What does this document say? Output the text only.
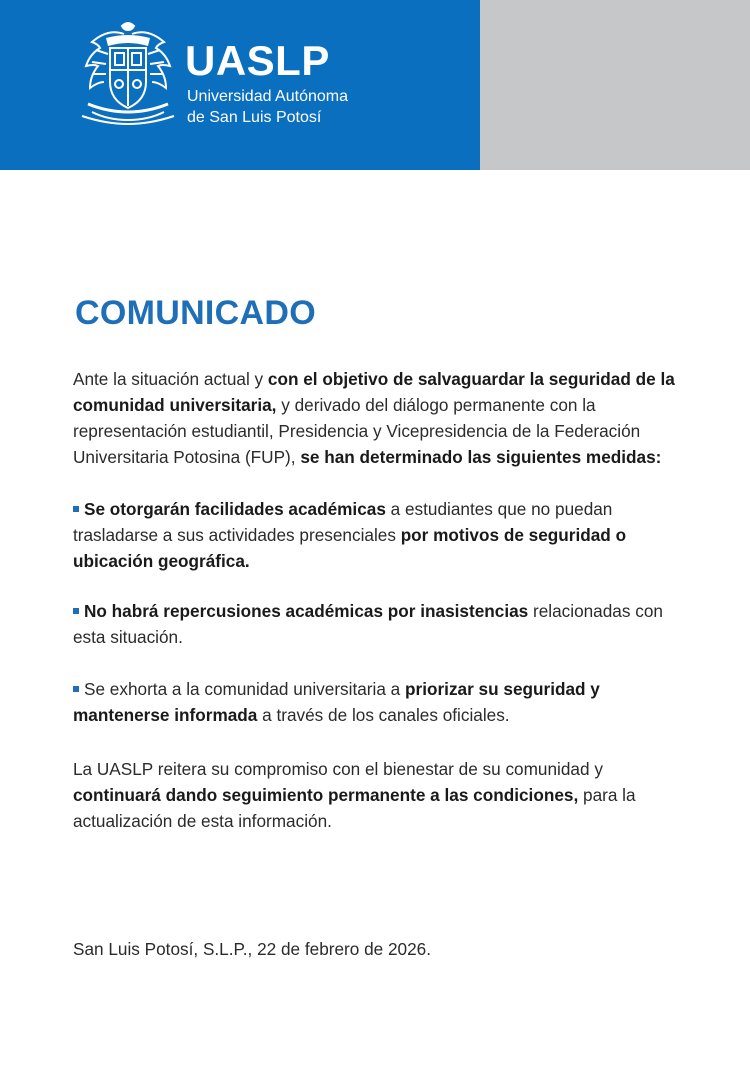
UASLP
Universidad Autónoma
de San Luis Potosí
COMUNICADO

Ante la situación actual y con el objetivo de salvaguardar la seguridad de la comunidad universitaria, y derivado del diálogo permanente con la representación estudiantil, Presidencia y Vicepresidencia de la Federación Universitaria Potosina (FUP), se han determinado las siguientes medidas:

Se otorgarán facilidades académicas a estudiantes que no puedan trasladarse a sus actividades presenciales por motivos de seguridad o ubicación geográfica.

No habrá repercusiones académicas por inasistencias relacionadas con esta situación.

Se exhorta a la comunidad universitaria a priorizar su seguridad y mantenerse informada a través de los canales oficiales.

La UASLP reitera su compromiso con el bienestar de su comunidad y continuará dando seguimiento permanente a las condiciones, para la actualización de esta información.

San Luis Potosí, S.L.P., 22 de febrero de 2026.
